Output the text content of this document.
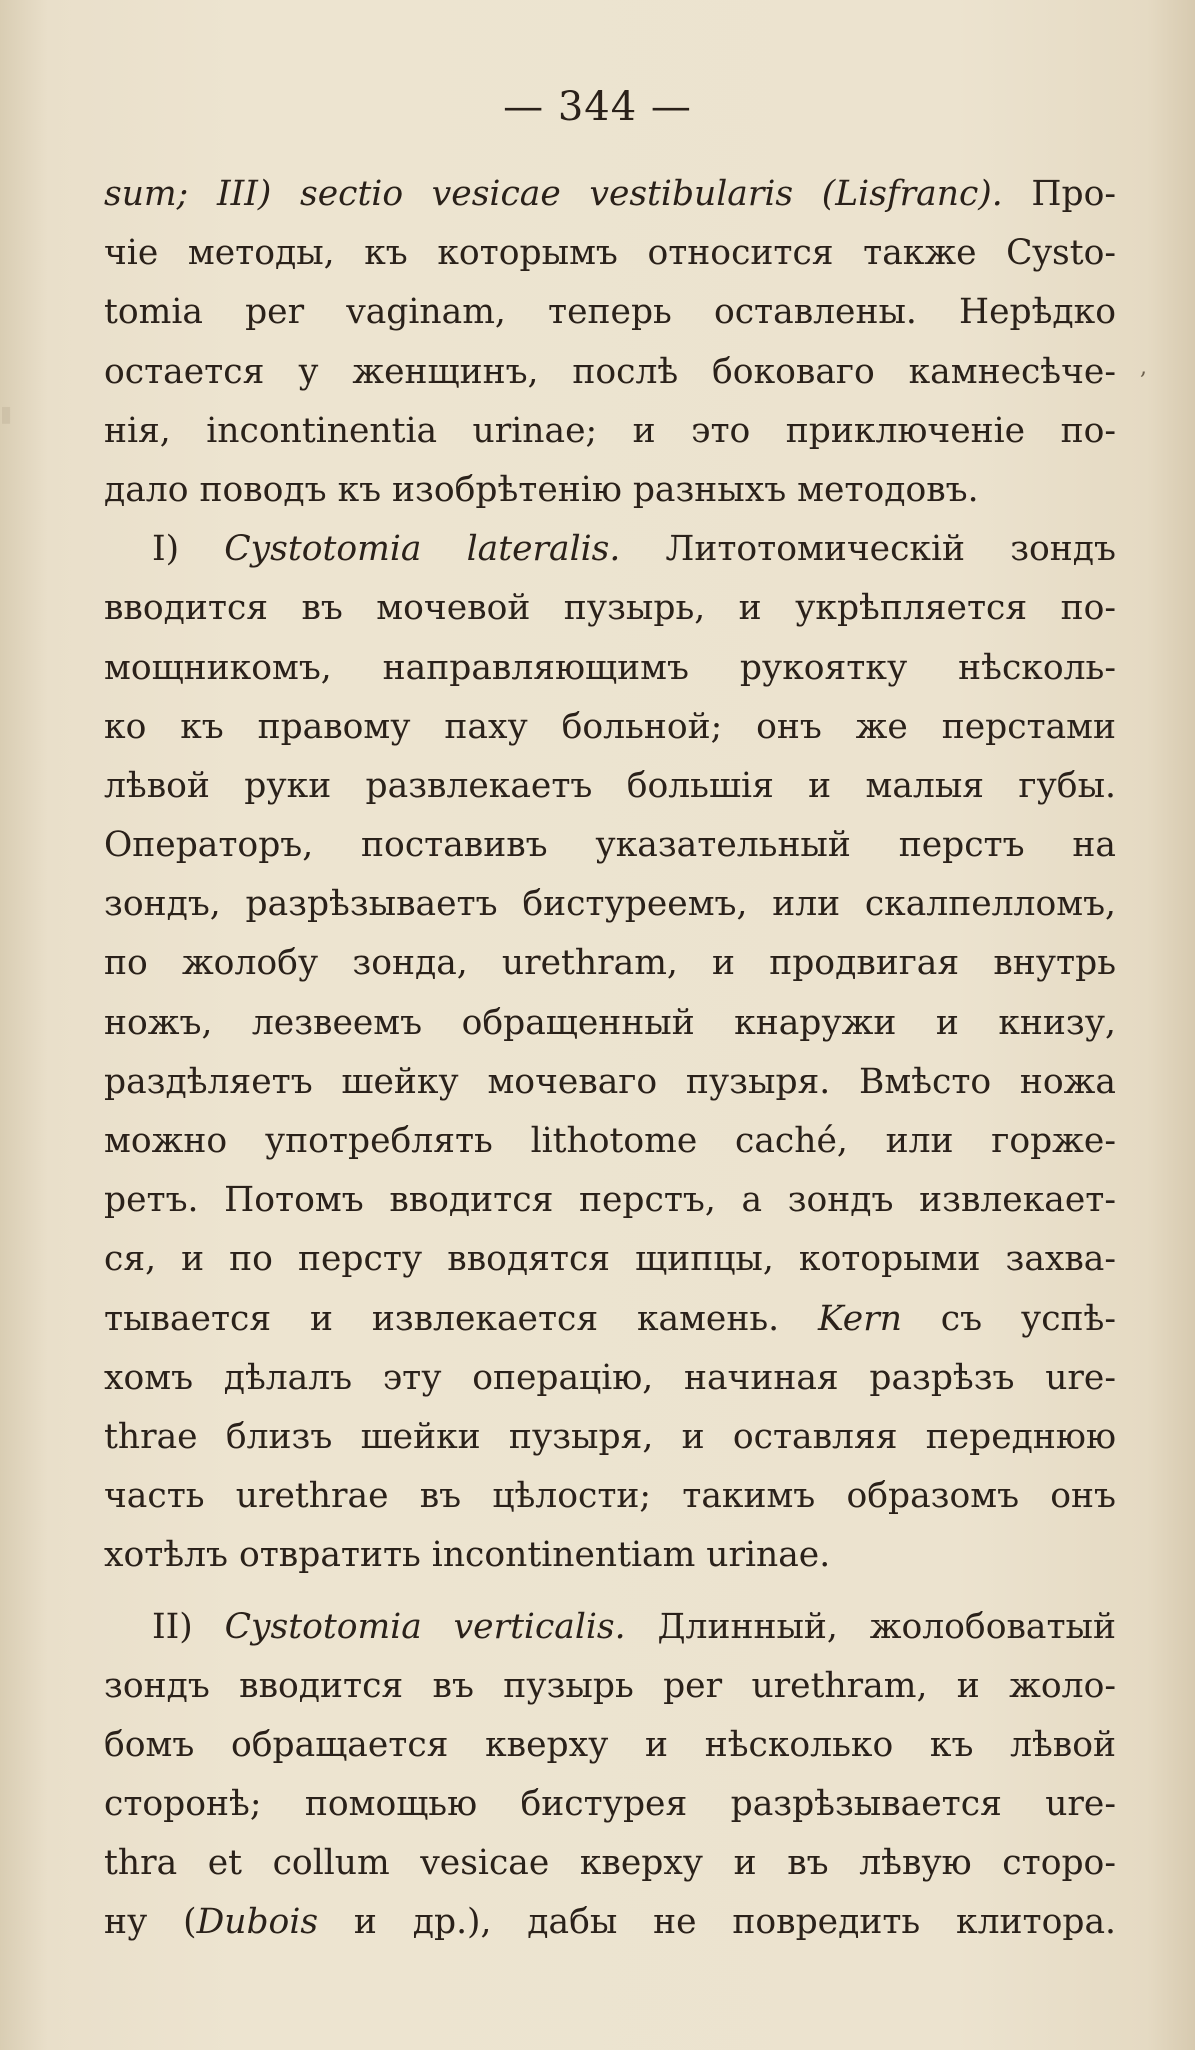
▮
— 344 —
,
sum; III) sectio vesicae vestibularis (Lisfranc). Про-
чіе методы, къ которымъ относится также Cysto-
tomia per vaginam, теперь оставлены. Нерѣдко
остается у женщинъ, послѣ боковаго камнесѣче-
нія, incontinentia urinae; и это приключеніе по-
дало поводъ къ изобрѣтенію разныхъ методовъ.
I) Cystotomia lateralis. Литотомическій зондъ
вводится въ мочевой пузырь, и укрѣпляется по-
мощникомъ, направляющимъ рукоятку нѣсколь-
ко къ правому паху больной; онъ же перстами
лѣвой руки развлекаетъ большія и малыя губы.
Операторъ, поставивъ указательный перстъ на
зондъ, разрѣзываетъ бистуреемъ, или скалпелломъ,
по жолобу зонда, urethram, и продвигая внутрь
ножъ, лезвеемъ обращенный кнаружи и книзу,
раздѣляетъ шейку мочеваго пузыря. Вмѣсто ножа
можно употреблять lithotome caché, или горже-
ретъ. Потомъ вводится перстъ, а зондъ извлекает-
ся, и по персту вводятся щипцы, которыми захва-
тывается и извлекается камень. Kern съ успѣ-
хомъ дѣлалъ эту операцію, начиная разрѣзъ ure-
thrae близъ шейки пузыря, и оставляя переднюю
часть urethrae въ цѣлости; такимъ образомъ онъ
хотѣлъ отвратить incontinentiam urinae.
II) Cystotomia verticalis. Длинный, жолобоватый
зондъ вводится въ пузырь per urethram, и жоло-
бомъ обращается кверху и нѣсколько къ лѣвой
сторонѣ; помощью бистурея разрѣзывается ure-
thra et collum vesicae кверху и въ лѣвую сторо-
ну (Dubois и др.), дабы не повредить клитора.
